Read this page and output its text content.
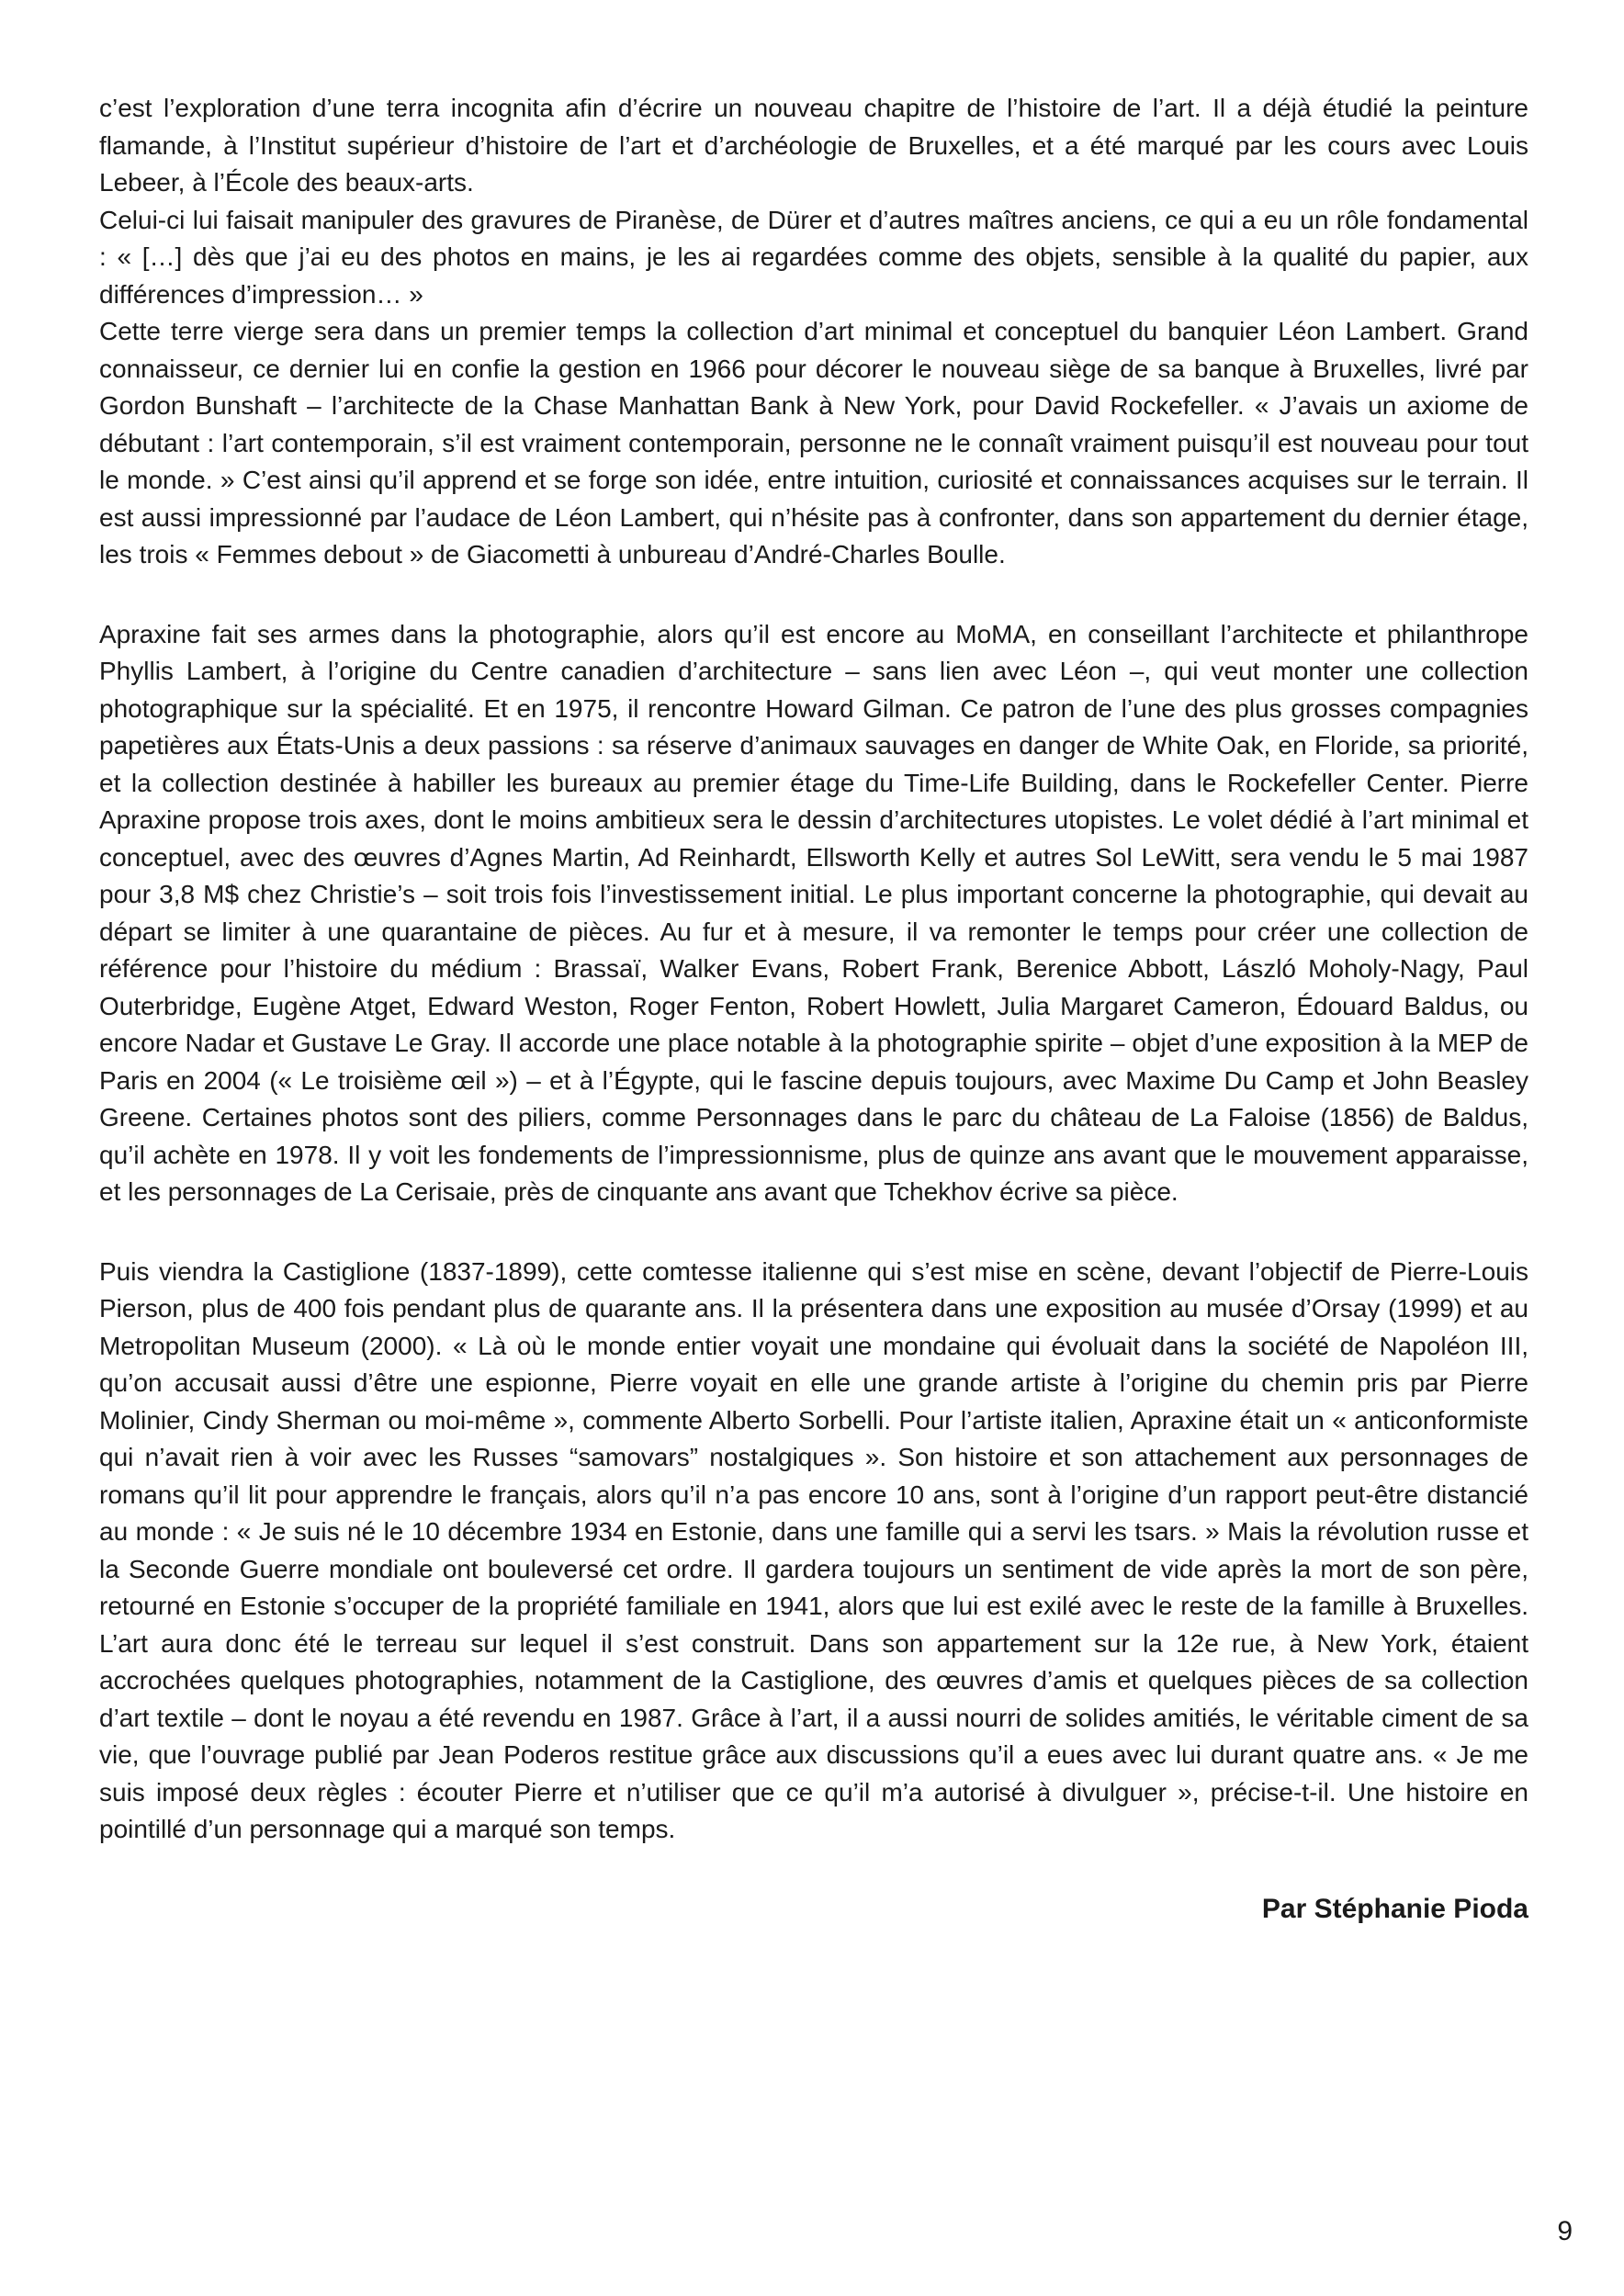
c’est l’exploration d’une terra incognita afin d’écrire un nouveau chapitre de l’histoire de l’art. Il a déjà étudié la peinture flamande, à l’Institut supérieur d’histoire de l’art et d’archéologie de Bruxelles, et a été marqué par les cours avec Louis Lebeer, à l’École des beaux-arts.

Celui-ci lui faisait manipuler des gravures de Piranèse, de Dürer et d’autres maîtres anciens, ce qui a eu un rôle fondamental : « […] dès que j’ai eu des photos en mains, je les ai regardées comme des objets, sensible à la qualité du papier, aux différences d’impression… »

Cette terre vierge sera dans un premier temps la collection d’art minimal et conceptuel du banquier Léon Lambert. Grand connaisseur, ce dernier lui en confie la gestion en 1966 pour décorer le nouveau siège de sa banque à Bruxelles, livré par Gordon Bunshaft – l’architecte de la Chase Manhattan Bank à New York, pour David Rockefeller. « J’avais un axiome de débutant : l’art contemporain, s’il est vraiment contemporain, personne ne le connaît vraiment puisqu’il est nouveau pour tout le monde. » C’est ainsi qu’il apprend et se forge son idée, entre intuition, curiosité et connaissances acquises sur le terrain. Il est aussi impressionné par l’audace de Léon Lambert, qui n’hésite pas à confronter, dans son appartement du dernier étage, les trois « Femmes debout » de Giacometti à unbureau d’André-Charles Boulle.

Apraxine fait ses armes dans la photographie, alors qu’il est encore au MoMA, en conseillant l’architecte et philanthrope Phyllis Lambert, à l’origine du Centre canadien d’architecture – sans lien avec Léon –, qui veut monter une collection photographique sur la spécialité. Et en 1975, il rencontre Howard Gilman. Ce patron de l’une des plus grosses compagnies papetières aux États-Unis a deux passions : sa réserve d’animaux sauvages en danger de White Oak, en Floride, sa priorité, et la collection destinée à habiller les bureaux au premier étage du Time-Life Building, dans le Rockefeller Center. Pierre Apraxine propose trois axes, dont le moins ambitieux sera le dessin d’architectures utopistes. Le volet dédié à l’art minimal et conceptuel, avec des œuvres d’Agnes Martin, Ad Reinhardt, Ellsworth Kelly et autres Sol LeWitt, sera vendu le 5 mai 1987 pour 3,8 M$ chez Christie’s – soit trois fois l’investissement initial. Le plus important concerne la photographie, qui devait au départ se limiter à une quarantaine de pièces. Au fur et à mesure, il va remonter le temps pour créer une collection de référence pour l’histoire du médium : Brassaï, Walker Evans, Robert Frank, Berenice Abbott, László Moholy-Nagy, Paul Outerbridge, Eugène Atget, Edward Weston, Roger Fenton, Robert Howlett, Julia Margaret Cameron, Édouard Baldus, ou encore Nadar et Gustave Le Gray. Il accorde une place notable à la photographie spirite – objet d’une exposition à la MEP de Paris en 2004 (« Le troisième œil ») – et à l’Égypte, qui le fascine depuis toujours, avec Maxime Du Camp et John Beasley Greene. Certaines photos sont des piliers, comme Personnages dans le parc du château de La Faloise (1856) de Baldus, qu’il achète en 1978. Il y voit les fondements de l’impressionnisme, plus de quinze ans avant que le mouvement apparaisse, et les personnages de La Cerisaie, près de cinquante ans avant que Tchekhov écrive sa pièce.

Puis viendra la Castiglione (1837-1899), cette comtesse italienne qui s’est mise en scène, devant l’objectif de Pierre-Louis Pierson, plus de 400 fois pendant plus de quarante ans. Il la présentera dans une exposition au musée d’Orsay (1999) et au Metropolitan Museum (2000). « Là où le monde entier voyait une mondaine qui évoluait dans la société de Napoléon III, qu’on accusait aussi d’être une espionne, Pierre voyait en elle une grande artiste à l’origine du chemin pris par Pierre Molinier, Cindy Sherman ou moi-même », commente Alberto Sorbelli. Pour l’artiste italien, Apraxine était un « anticonformiste qui n’avait rien à voir avec les Russes “samovars” nostalgiques ». Son histoire et son attachement aux personnages de romans qu’il lit pour apprendre le français, alors qu’il n’a pas encore 10 ans, sont à l’origine d’un rapport peut-être distancié au monde : « Je suis né le 10 décembre 1934 en Estonie, dans une famille qui a servi les tsars. » Mais la révolution russe et la Seconde Guerre mondiale ont bouleversé cet ordre. Il gardera toujours un sentiment de vide après la mort de son père, retourné en Estonie s’occuper de la propriété familiale en 1941, alors que lui est exilé avec le reste de la famille à Bruxelles. L’art aura donc été le terreau sur lequel il s’est construit. Dans son appartement sur la 12e rue, à New York, étaient accrochées quelques photographies, notamment de la Castiglione, des œuvres d’amis et quelques pièces de sa collection d’art textile – dont le noyau a été revendu en 1987. Grâce à l’art, il a aussi nourri de solides amitiés, le véritable ciment de sa vie, que l’ouvrage publié par Jean Poderos restitue grâce aux discussions qu’il a eues avec lui durant quatre ans. « Je me suis imposé deux règles : écouter Pierre et n’utiliser que ce qu’il m’a autorisé à divulguer », précise-t-il. Une histoire en pointillé d’un personnage qui a marqué son temps.

Par Stéphanie Pioda
9
